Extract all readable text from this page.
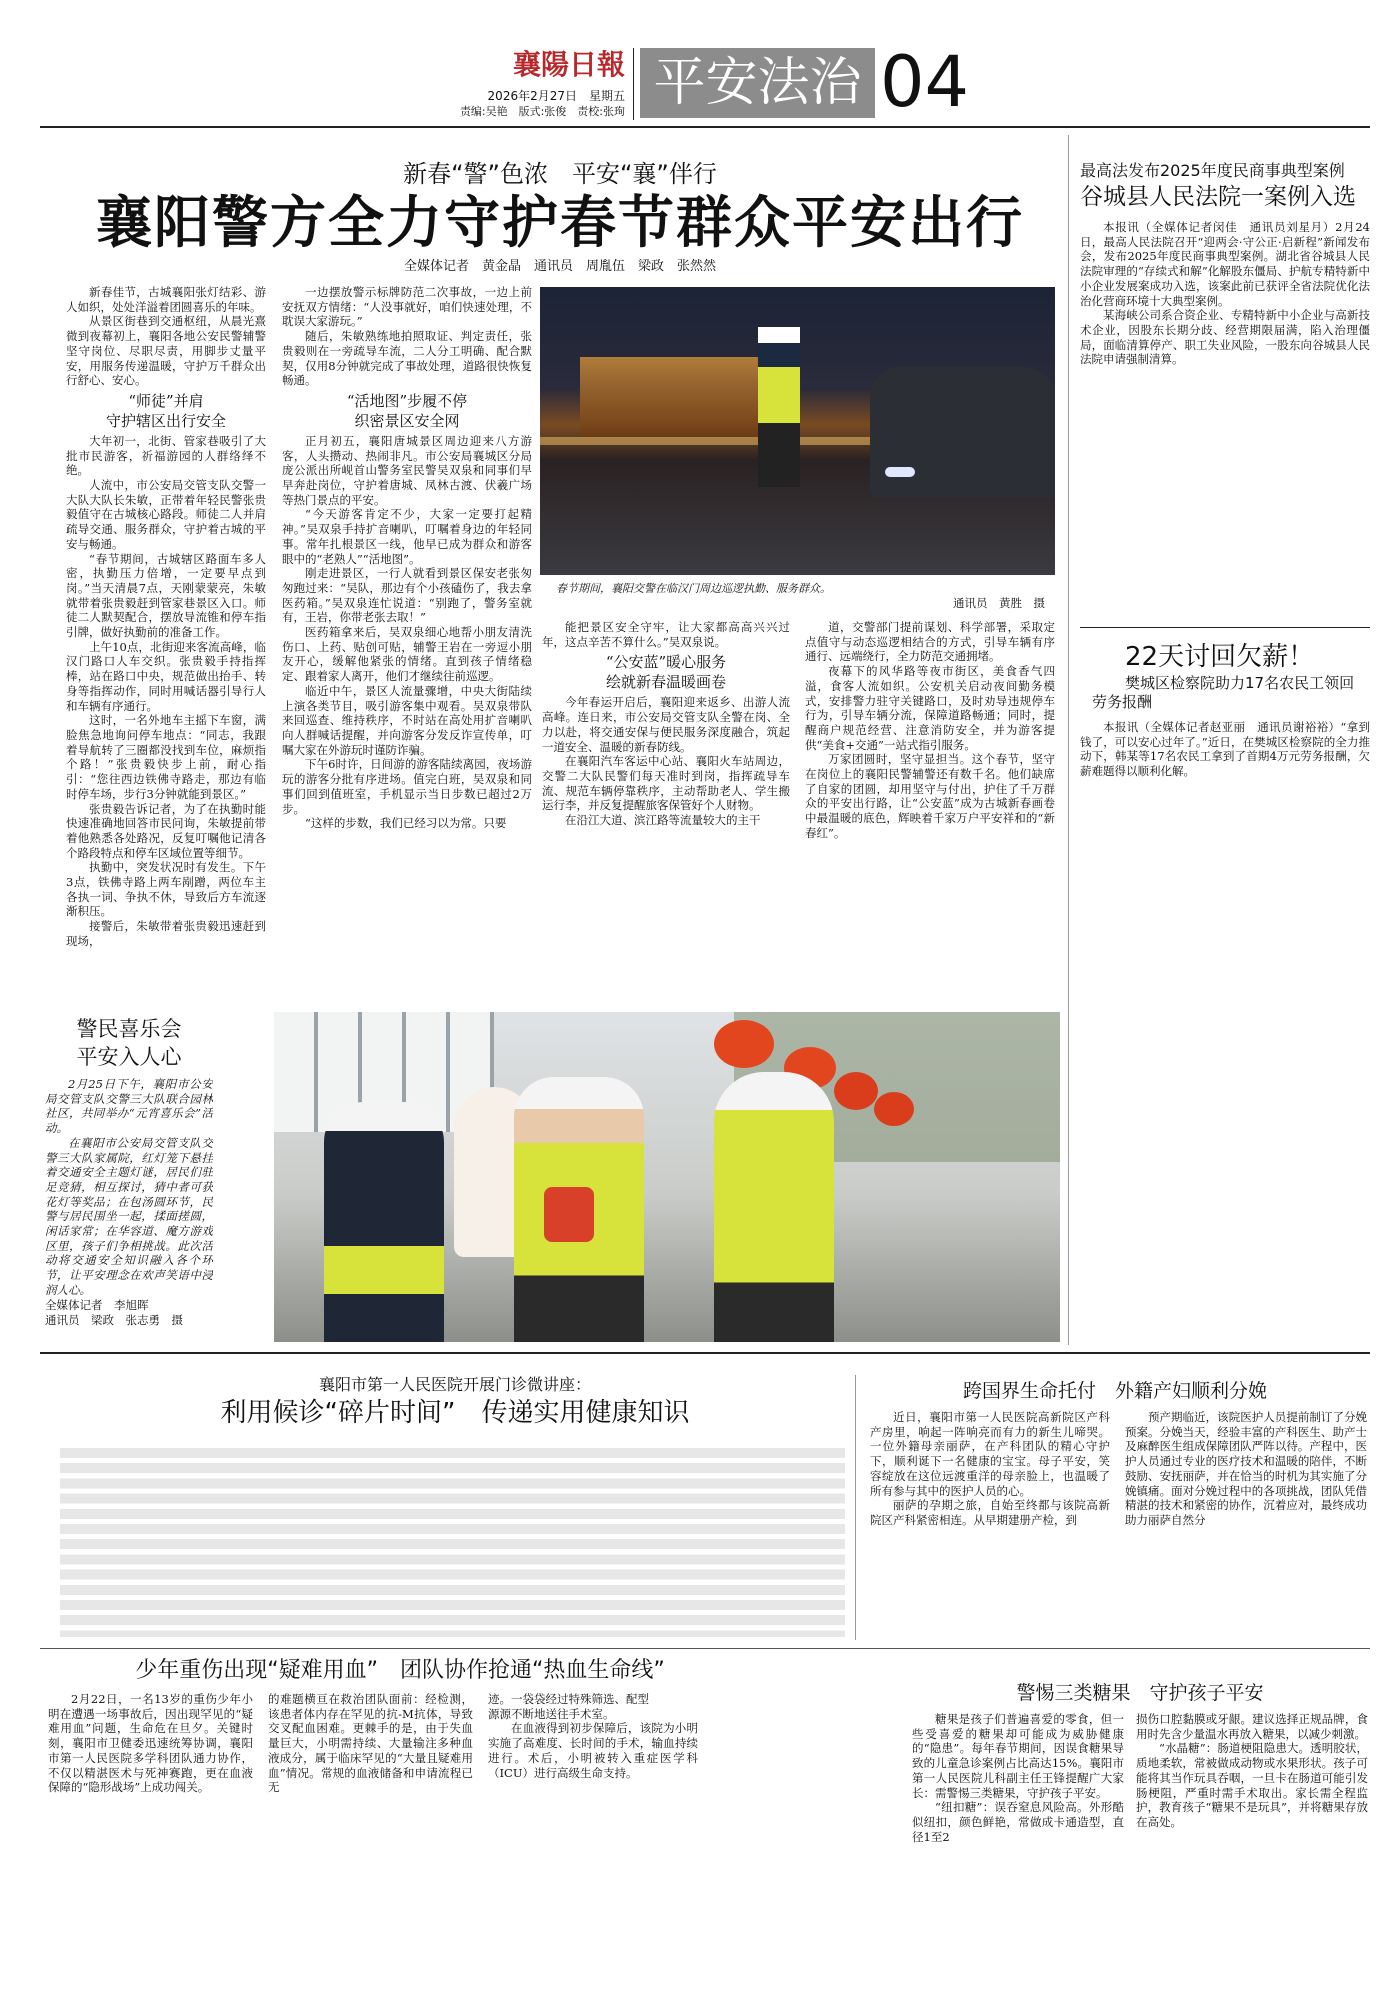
襄陽日報
2026年2月27日　星期五
责编:吴艳　版式:张俊　责校:张珣 平安法治 04
新春“警”色浓　平安“襄”伴行
襄阳警方全力守护春节群众平安出行
全媒体记者　黄金晶　通讯员　周胤伍　梁政　张然然

新春佳节，古城襄阳张灯结彩、游人如织，处处洋溢着团圆喜乐的年味。

从景区街巷到交通枢纽，从晨光熹微到夜幕初上，襄阳各地公安民警辅警坚守岗位、尽职尽责，用脚步丈量平安，用服务传递温暖，守护万千群众出行舒心、安心。

“师徒”并肩

守护辖区出行安全

大年初一，北街、管家巷吸引了大批市民游客，祈福游园的人群络绎不绝。

人流中，市公安局交管支队交警一大队大队长朱敏，正带着年轻民警张贵毅值守在古城核心路段。师徒二人并肩疏导交通、服务群众，守护着古城的平安与畅通。

“春节期间，古城辖区路面车多人密，执勤压力倍增，一定要早点到岗。”当天清晨7点，天刚蒙蒙亮，朱敏就带着张贵毅赶到管家巷景区入口。师徒二人默契配合，摆放导流锥和停车指引牌，做好执勤前的准备工作。

上午10点，北街迎来客流高峰，临汉门路口人车交织。张贵毅手持指挥棒，站在路口中央，规范做出抬手、转身等指挥动作，同时用喊话器引导行人和车辆有序通行。

这时，一名外地车主摇下车窗，满脸焦急地询问停车地点：“同志，我跟着导航转了三圈都没找到车位，麻烦指个路！”张贵毅快步上前，耐心指引：“您往西边铁佛寺路走，那边有临时停车场，步行3分钟就能到景区。”

张贵毅告诉记者，为了在执勤时能快速准确地回答市民问询，朱敏提前带着他熟悉各处路况，反复叮嘱他记清各个路段特点和停车区域位置等细节。

执勤中，突发状况时有发生。下午3点，铁佛寺路上两车剐蹭，两位车主各执一词、争执不休，导致后方车流逐渐积压。

接警后，朱敏带着张贵毅迅速赶到现场，

一边摆放警示标牌防范二次事故，一边上前安抚双方情绪：“人没事就好，咱们快速处理，不耽误大家游玩。”

随后，朱敏熟练地拍照取证、判定责任，张贵毅则在一旁疏导车流，二人分工明确、配合默契，仅用8分钟就完成了事故处理，道路很快恢复畅通。

“活地图”步履不停

织密景区安全网

正月初五，襄阳唐城景区周边迎来八方游客，人头攒动、热闹非凡。市公安局襄城区分局庞公派出所岘首山警务室民警吴双泉和同事们早早奔赴岗位，守护着唐城、凤林古渡、伏羲广场等热门景点的平安。

“今天游客肯定不少，大家一定要打起精神。”吴双泉手持扩音喇叭，叮嘱着身边的年轻同事。常年扎根景区一线，他早已成为群众和游客眼中的“老熟人”“活地图”。

刚走进景区，一行人就看到景区保安老张匆匆跑过来：“吴队，那边有个小孩磕伤了，我去拿医药箱。”吴双泉连忙说道：“别跑了，警务室就有，王岩，你带老张去取！”

医药箱拿来后，吴双泉细心地帮小朋友清洗伤口、上药、贴创可贴，辅警王岩在一旁逗小朋友开心，缓解他紧张的情绪。直到孩子情绪稳定、跟着家人离开，他们才继续往前巡逻。

临近中午，景区人流量骤增，中央大街陆续上演各类节目，吸引游客集中观看。吴双泉带队来回巡查、维持秩序，不时站在高处用扩音喇叭向人群喊话提醒，并向游客分发反诈宣传单，叮嘱大家在外游玩时谨防诈骗。

下午6时许，日间游的游客陆续离园，夜场游玩的游客分批有序进场。值完白班，吴双泉和同事们回到值班室，手机显示当日步数已超过2万步。

“这样的步数，我们已经习以为常。只要

春节期间，襄阳交警在临汉门周边巡逻执勤、服务群众。
通讯员　黄胜　摄

能把景区安全守牢，让大家都高高兴兴过年，这点辛苦不算什么。”吴双泉说。

“公安蓝”暖心服务

绘就新春温暖画卷

今年春运开启后，襄阳迎来返乡、出游人流高峰。连日来，市公安局交管支队全警在岗、全力以赴，将交通安保与便民服务深度融合，筑起一道安全、温暖的新春防线。

在襄阳汽车客运中心站、襄阳火车站周边，交警二大队民警们每天准时到岗，指挥疏导车流、规范车辆停靠秩序，主动帮助老人、学生搬运行李，并反复提醒旅客保管好个人财物。

在沿江大道、滨江路等流量较大的主干

道，交警部门提前谋划、科学部署，采取定点值守与动态巡逻相结合的方式，引导车辆有序通行、远端绕行，全力防范交通拥堵。

夜幕下的风华路等夜市街区，美食香气四溢，食客人流如织。公安机关启动夜间勤务模式，安排警力驻守关键路口，及时劝导违规停车行为，引导车辆分流，保障道路畅通；同时，提醒商户规范经营、注意消防安全，并为游客提供“美食+交通”一站式指引服务。

万家团圆时，坚守显担当。这个春节，坚守在岗位上的襄阳民警辅警还有数千名。他们缺席了自家的团圆，却用坚守与付出，护住了千万群众的平安出行路，让“公安蓝”成为古城新春画卷中最温暖的底色，辉映着千家万户平安祥和的“新春红”。

最高法发布2025年度民商事典型案例
谷城县人民法院一案例入选

本报讯（全媒体记者闵佳　通讯员刘星月）2月24日，最高人民法院召开“迎两会·守公正·启新程”新闻发布会，发布2025年度民商事典型案例。湖北省谷城县人民法院审理的“存续式和解”化解股东僵局、护航专精特新中小企业发展案成功入选，该案此前已获评全省法院优化法治化营商环境十大典型案例。

某海峡公司系合资企业、专精特新中小企业与高新技术企业，因股东长期分歧、经营期限届满，陷入治理僵局，面临清算停产、职工失业风险，一股东向谷城县人民法院申请强制清算。

22天讨回欠薪！
樊城区检察院助力17名农民工领回劳务报酬

本报讯（全媒体记者赵亚丽　通讯员谢裕裕）“拿到钱了，可以安心过年了。”近日，在樊城区检察院的全力推动下，韩某等17名农民工拿到了首期4万元劳务报酬，欠薪难题得以顺利化解。

警民喜乐会
平安入人心

2月25日下午，襄阳市公安局交管支队交警三大队联合园林社区，共同举办“元宵喜乐会”活动。

在襄阳市公安局交管支队交警三大队家属院，红灯笼下悬挂着交通安全主题灯谜，居民们驻足竞猜，相互探讨，猜中者可获花灯等奖品；在包汤圆环节，民警与居民围坐一起，揉面搓圆，闲话家常；在华容道、魔方游戏区里，孩子们争相挑战。此次活动将交通安全知识融入各个环节，让平安理念在欢声笑语中浸润人心。

全媒体记者　李旭晖
通讯员　梁政　张志勇　摄
襄阳市第一人民医院开展门诊微讲座：
利用候诊“碎片时间”　传递实用健康知识
跨国界生命托付　外籍产妇顺利分娩

近日，襄阳市第一人民医院高新院区产科产房里，响起一阵响亮而有力的新生儿啼哭。一位外籍母亲丽萨，在产科团队的精心守护下，顺利诞下一名健康的宝宝。母子平安，笑容绽放在这位远渡重洋的母亲脸上，也温暖了所有参与其中的医护人员的心。

丽萨的孕期之旅，自始至终都与该院高新院区产科紧密相连。从早期建册产检，到

预产期临近，该院医护人员提前制订了分娩预案。分娩当天，经验丰富的产科医生、助产士及麻醉医生组成保障团队严阵以待。产程中，医护人员通过专业的医疗技术和温暖的陪伴，不断鼓励、安抚丽萨，并在恰当的时机为其实施了分娩镇痛。面对分娩过程中的各项挑战，团队凭借精湛的技术和紧密的协作，沉着应对，最终成功助力丽萨自然分

少年重伤出现“疑难用血”　团队协作抢通“热血生命线”

2月22日，一名13岁的重伤少年小明在遭遇一场事故后，因出现罕见的“疑难用血”问题，生命危在旦夕。关键时刻，襄阳市卫健委迅速统筹协调，襄阳市第一人民医院多学科团队通力协作，不仅以精湛医术与死神赛跑，更在血液保障的“隐形战场”上成功闯关。

的难题横亘在救治团队面前：经检测，该患者体内存在罕见的抗-M抗体，导致交叉配血困难。更棘手的是，由于失血量巨大，小明需持续、大量输注多种血液成分，属于临床罕见的“大量且疑难用血”情况。常规的血液储备和申请流程已无

迹。一袋袋经过特殊筛选、配型

源源不断地送往手术室。

在血液得到初步保障后，该院为小明实施了高难度、长时间的手术，输血持续进行。术后，小明被转入重症医学科（ICU）进行高级生命支持。

警惕三类糖果　守护孩子平安

糖果是孩子们普遍喜爱的零食，但一些受喜爱的糖果却可能成为威胁健康的“隐患”。每年春节期间，因误食糖果导致的儿童急诊案例占比高达15%。襄阳市第一人民医院儿科副主任王锋提醒广大家长：需警惕三类糖果，守护孩子平安。

“纽扣糖”：误吞窒息风险高。外形酷似纽扣，颜色鲜艳，常做成卡通造型，直径1至2

损伤口腔黏膜或牙龈。建议选择正规品牌，食用时先含少量温水再放入糖果，以减少刺激。

“水晶糖”：肠道梗阻隐患大。透明胶状，质地柔软，常被做成动物或水果形状。孩子可能将其当作玩具吞咽，一旦卡在肠道可能引发肠梗阻，严重时需手术取出。家长需全程监护，教育孩子“糖果不是玩具”，并将糖果存放在高处。
